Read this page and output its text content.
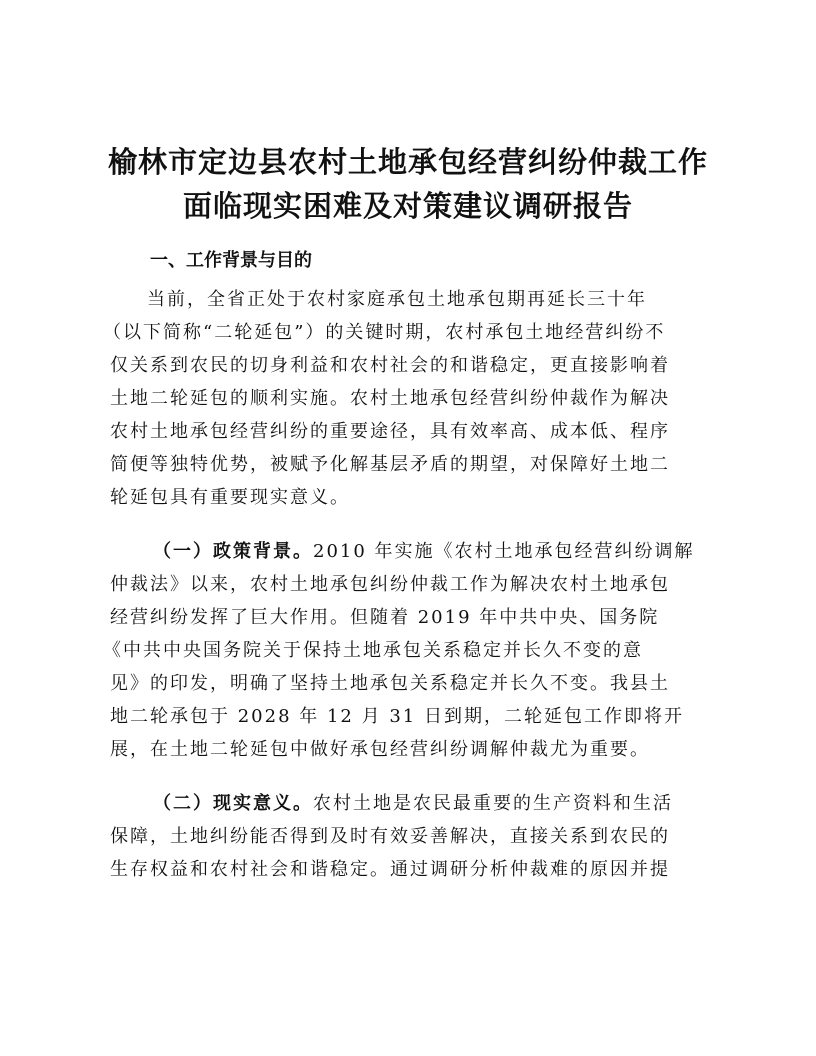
榆林市定边县农村土地承包经营纠纷仲裁工作
面临现实困难及对策建议调研报告
一、工作背景与目的
当前，全省正处于农村家庭承包土地承包期再延长三十年
（以下简称“二轮延包”）的关键时期，农村承包土地经营纠纷不
仅关系到农民的切身利益和农村社会的和谐稳定，更直接影响着
土地二轮延包的顺利实施。农村土地承包经营纠纷仲裁作为解决
农村土地承包经营纠纷的重要途径，具有效率高、成本低、程序
简便等独特优势，被赋予化解基层矛盾的期望，对保障好土地二
轮延包具有重要现实意义。
（一）政策背景。2010 年实施《农村土地承包经营纠纷调解
仲裁法》以来，农村土地承包纠纷仲裁工作为解决农村土地承包
经营纠纷发挥了巨大作用。但随着 2019 年中共中央、国务院
《中共中央国务院关于保持土地承包关系稳定并长久不变的意
见》的印发，明确了坚持土地承包关系稳定并长久不变。我县土
地二轮承包于 2028 年 12 月 31 日到期，二轮延包工作即将开
展，在土地二轮延包中做好承包经营纠纷调解仲裁尤为重要。
（二）现实意义。农村土地是农民最重要的生产资料和生活
保障，土地纠纷能否得到及时有效妥善解决，直接关系到农民的
生存权益和农村社会和谐稳定。通过调研分析仲裁难的原因并提
